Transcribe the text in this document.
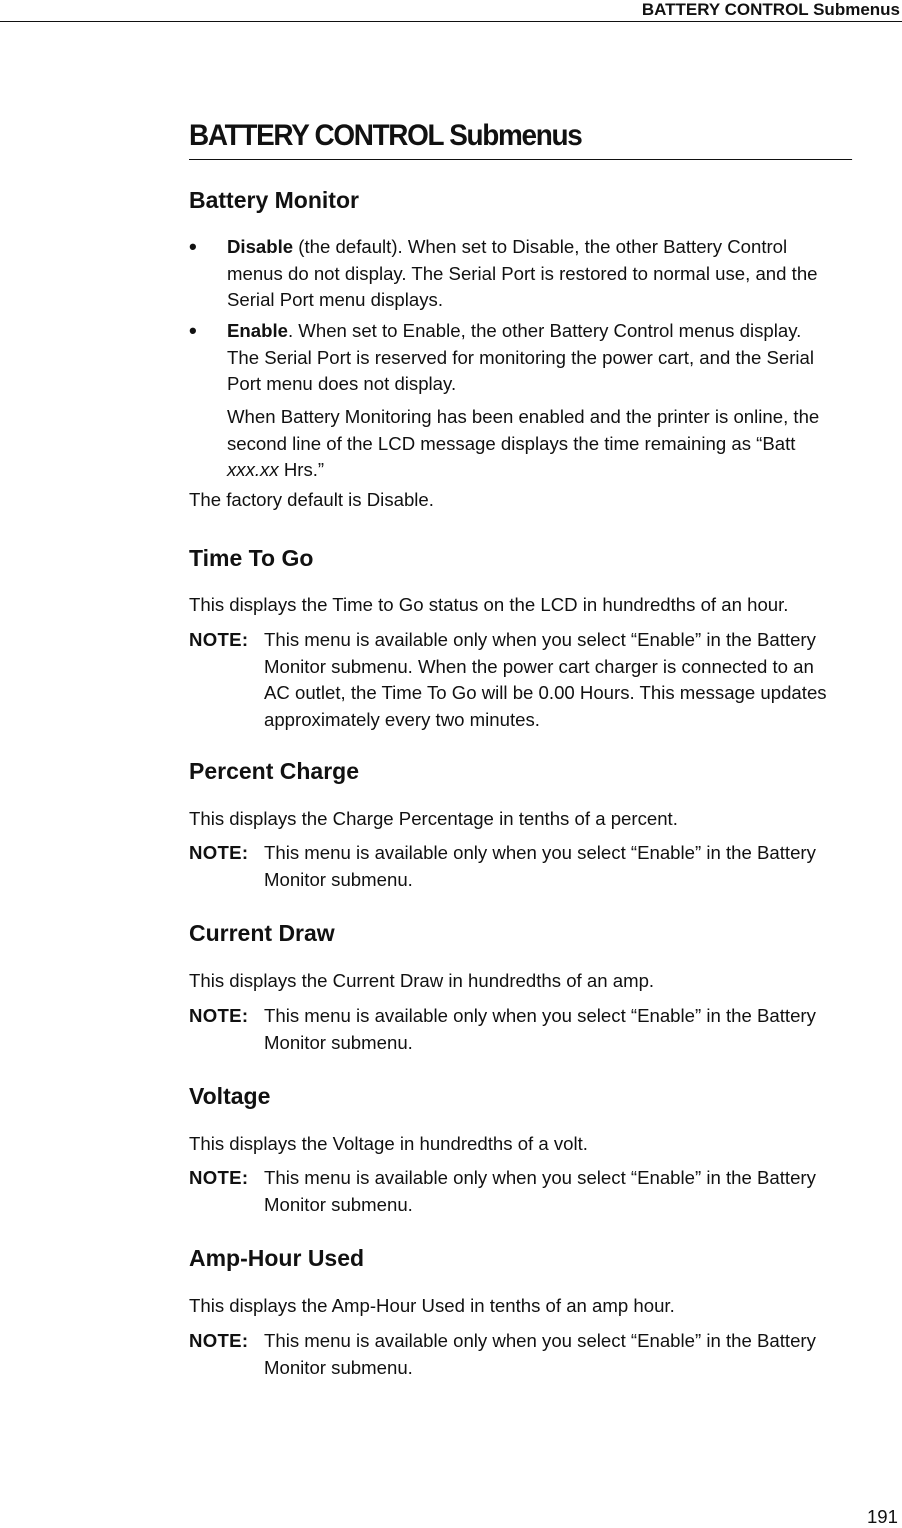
BATTERY CONTROL Submenus
BATTERY CONTROL Submenus
Battery Monitor
• Disable (the default). When set to Disable, the other Battery Control
menus do not display. The Serial Port is restored to normal use, and the
Serial Port menu displays.
• Enable. When set to Enable, the other Battery Control menus display.
The Serial Port is reserved for monitoring the power cart, and the Serial
Port menu does not display.
When Battery Monitoring has been enabled and the printer is online, the
second line of the LCD message displays the time remaining as “Batt
xxx.xx Hrs.”
The factory default is Disable.
Time To Go
This displays the Time to Go status on the LCD in hundredths of an hour.
NOTE: This menu is available only when you select “Enable” in the Battery
Monitor submenu. When the power cart charger is connected to an
AC outlet, the Time To Go will be 0.00 Hours. This message updates
approximately every two minutes.
Percent Charge
This displays the Charge Percentage in tenths of a percent.
NOTE: This menu is available only when you select “Enable” in the Battery
Monitor submenu.
Current Draw
This displays the Current Draw in hundredths of an amp.
NOTE: This menu is available only when you select “Enable” in the Battery
Monitor submenu.
Voltage
This displays the Voltage in hundredths of a volt.
NOTE: This menu is available only when you select “Enable” in the Battery
Monitor submenu.
Amp-Hour Used
This displays the Amp-Hour Used in tenths of an amp hour.
NOTE: This menu is available only when you select “Enable” in the Battery
Monitor submenu.
191
